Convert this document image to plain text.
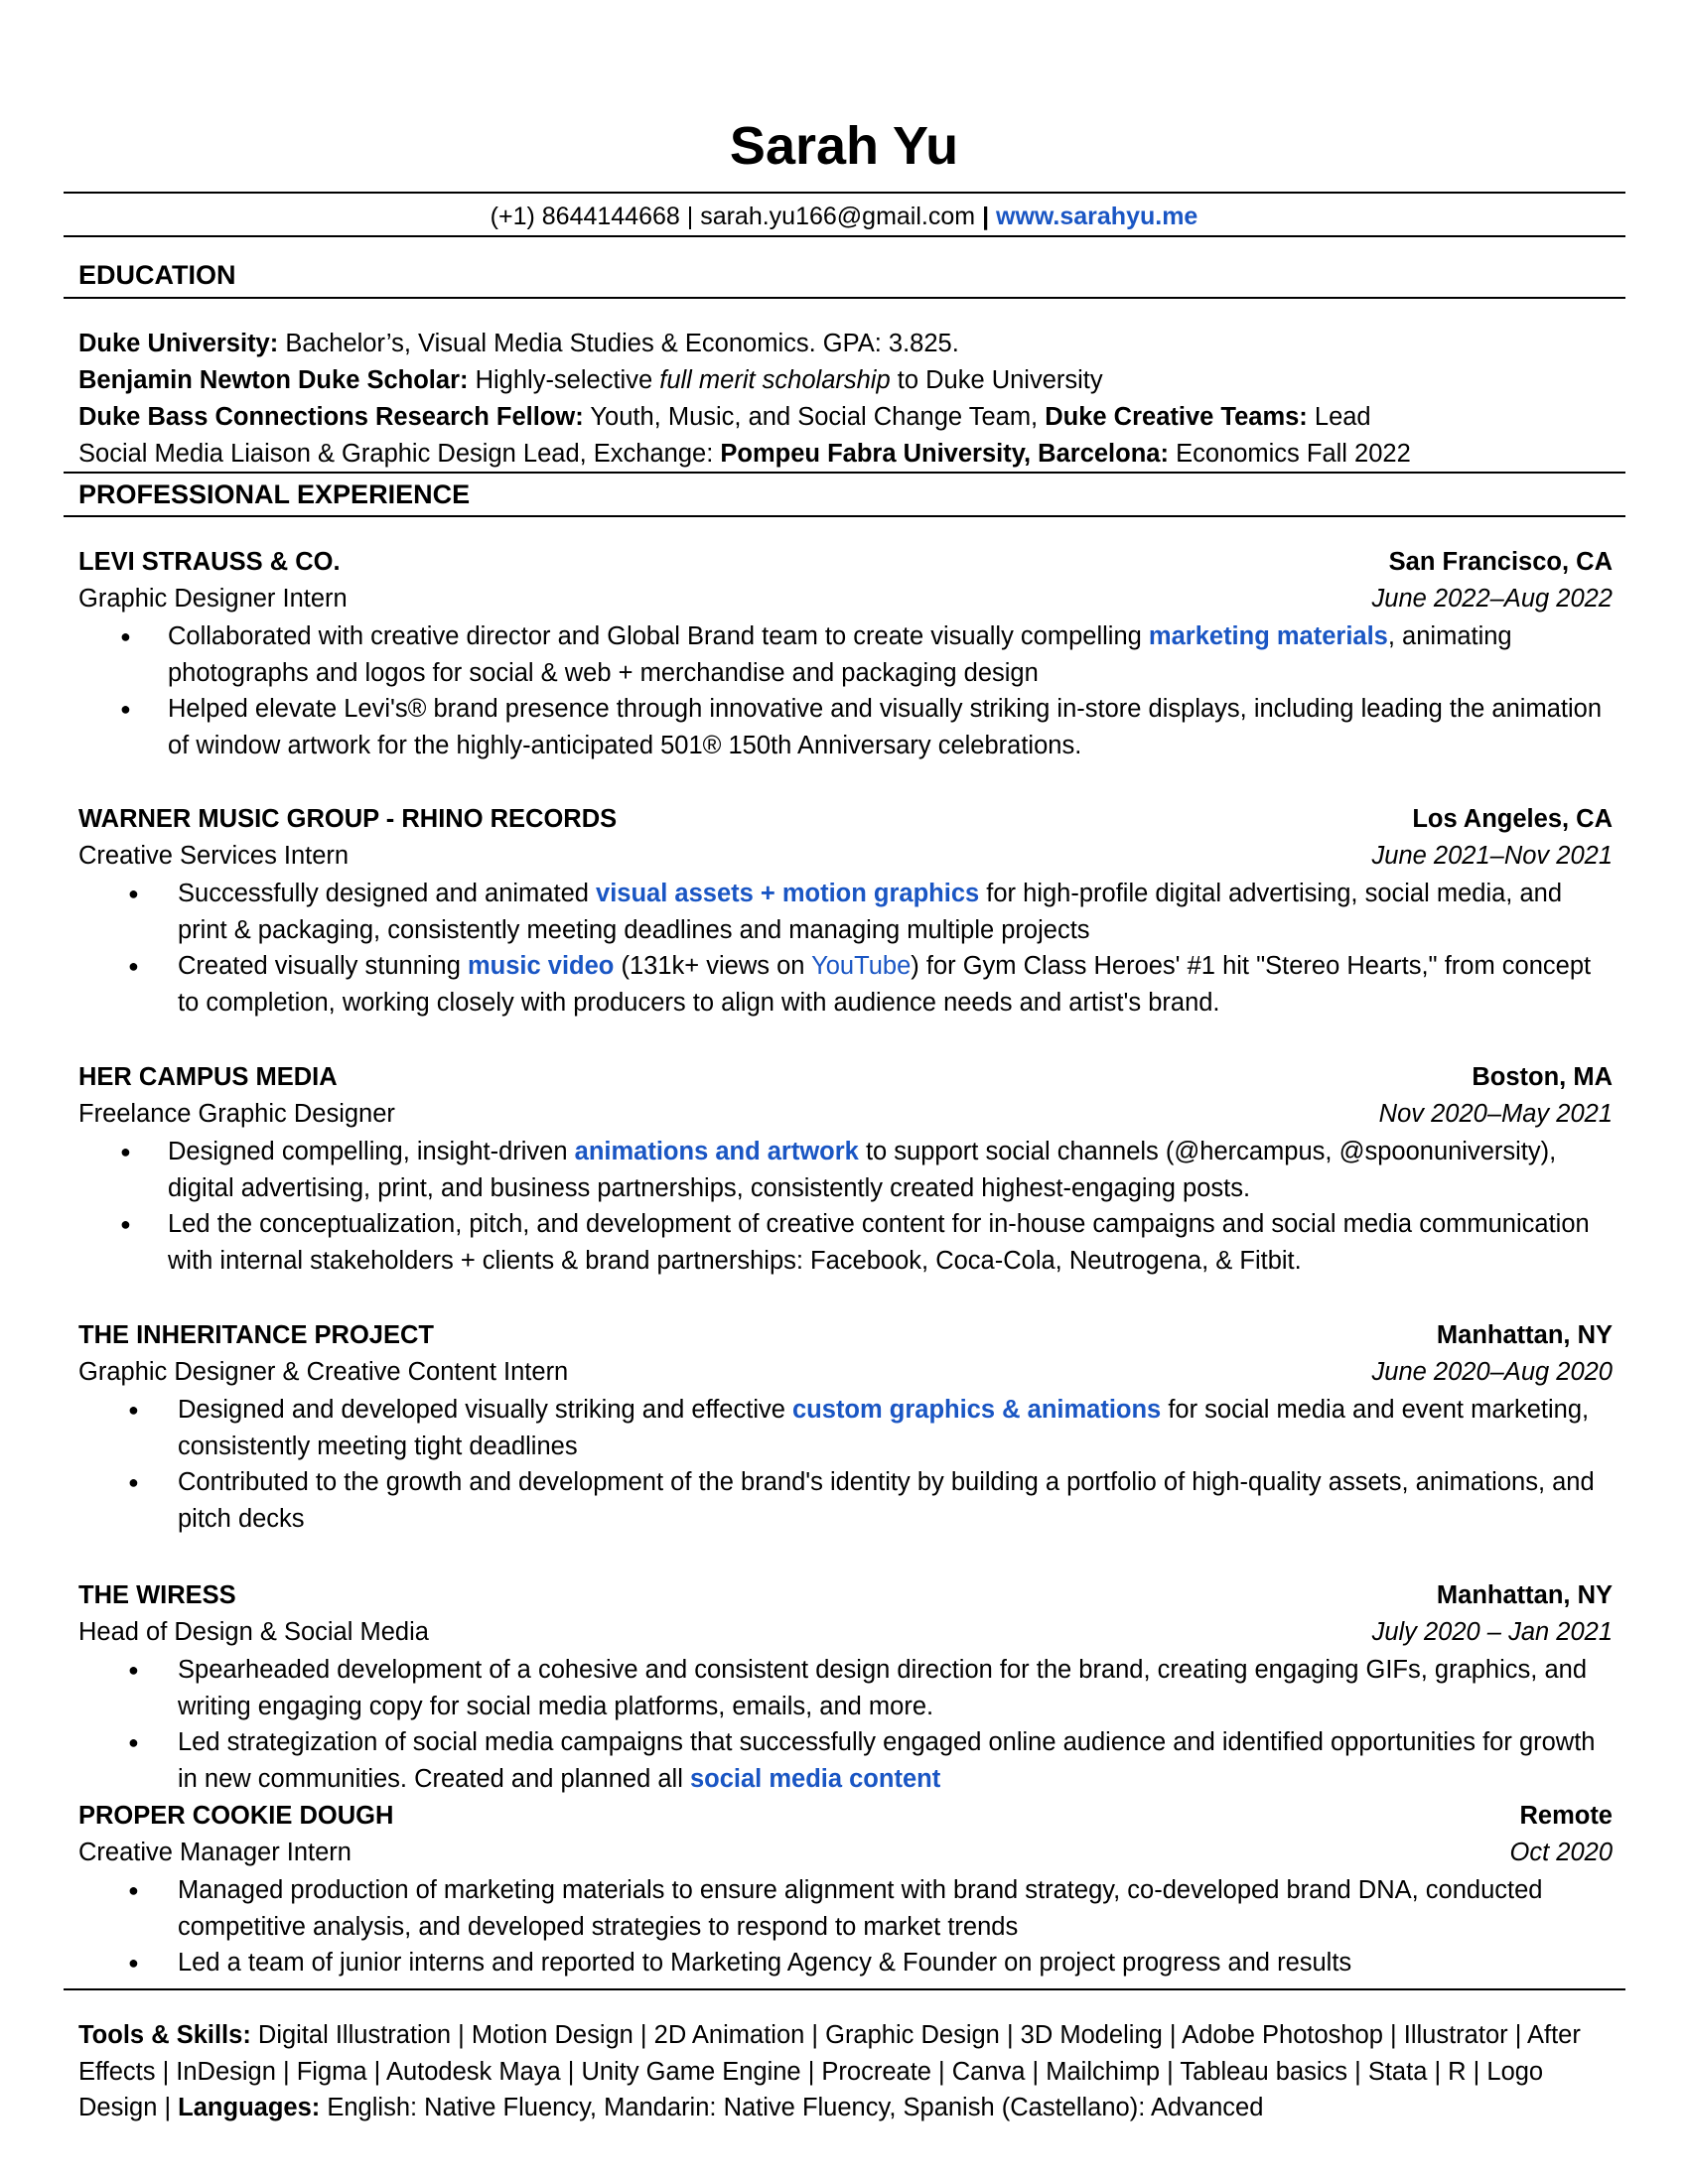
Sarah Yu
(+1) 8644144668 | sarah.yu166@gmail.com | www.sarahyu.me
EDUCATION
Duke University: Bachelor’s, Visual Media Studies & Economics. GPA: 3.825.
Benjamin Newton Duke Scholar: Highly-selective full merit scholarship to Duke University
Duke Bass Connections Research Fellow: Youth, Music, and Social Change Team, Duke Creative Teams: Lead
Social Media Liaison & Graphic Design Lead, Exchange: Pompeu Fabra University, Barcelona: Economics Fall 2022
PROFESSIONAL EXPERIENCE
LEVI STRAUSS & CO.	San Francisco, CA
Graphic Designer Intern	June 2022–Aug 2022
● Collaborated with creative director and Global Brand team to create visually compelling marketing materials, animating photographs and logos for social & web + merchandise and packaging design
● Helped elevate Levi's® brand presence through innovative and visually striking in-store displays, including leading the animation of window artwork for the highly-anticipated 501® 150th Anniversary celebrations.
WARNER MUSIC GROUP - RHINO RECORDS	Los Angeles, CA
Creative Services Intern	June 2021–Nov 2021
● Successfully designed and animated visual assets + motion graphics for high-profile digital advertising, social media, and print & packaging, consistently meeting deadlines and managing multiple projects
● Created visually stunning music video (131k+ views on YouTube) for Gym Class Heroes' #1 hit "Stereo Hearts," from concept to completion, working closely with producers to align with audience needs and artist's brand.
HER CAMPUS MEDIA	Boston, MA
Freelance Graphic Designer	Nov 2020–May 2021
● Designed compelling, insight-driven animations and artwork to support social channels (@hercampus, @spoonuniversity), digital advertising, print, and business partnerships, consistently created highest-engaging posts.
● Led the conceptualization, pitch, and development of creative content for in-house campaigns and social media communication with internal stakeholders + clients & brand partnerships: Facebook, Coca-Cola, Neutrogena, & Fitbit.
THE INHERITANCE PROJECT	Manhattan, NY
Graphic Designer & Creative Content Intern	June 2020–Aug 2020
● Designed and developed visually striking and effective custom graphics & animations for social media and event marketing, consistently meeting tight deadlines
● Contributed to the growth and development of the brand's identity by building a portfolio of high-quality assets, animations, and pitch decks
THE WIRESS	Manhattan, NY
Head of Design & Social Media	July 2020 – Jan 2021
● Spearheaded development of a cohesive and consistent design direction for the brand, creating engaging GIFs, graphics, and writing engaging copy for social media platforms, emails, and more.
● Led strategization of social media campaigns that successfully engaged online audience and identified opportunities for growth in new communities. Created and planned all social media content
PROPER COOKIE DOUGH	Remote
Creative Manager Intern	Oct 2020
● Managed production of marketing materials to ensure alignment with brand strategy, co-developed brand DNA, conducted competitive analysis, and developed strategies to respond to market trends
● Led a team of junior interns and reported to Marketing Agency & Founder on project progress and results
Tools & Skills: Digital Illustration | Motion Design | 2D Animation | Graphic Design | 3D Modeling | Adobe Photoshop | Illustrator | After Effects | InDesign | Figma | Autodesk Maya | Unity Game Engine | Procreate | Canva | Mailchimp | Tableau basics | Stata | R | Logo Design | Languages: English: Native Fluency, Mandarin: Native Fluency, Spanish (Castellano): Advanced
